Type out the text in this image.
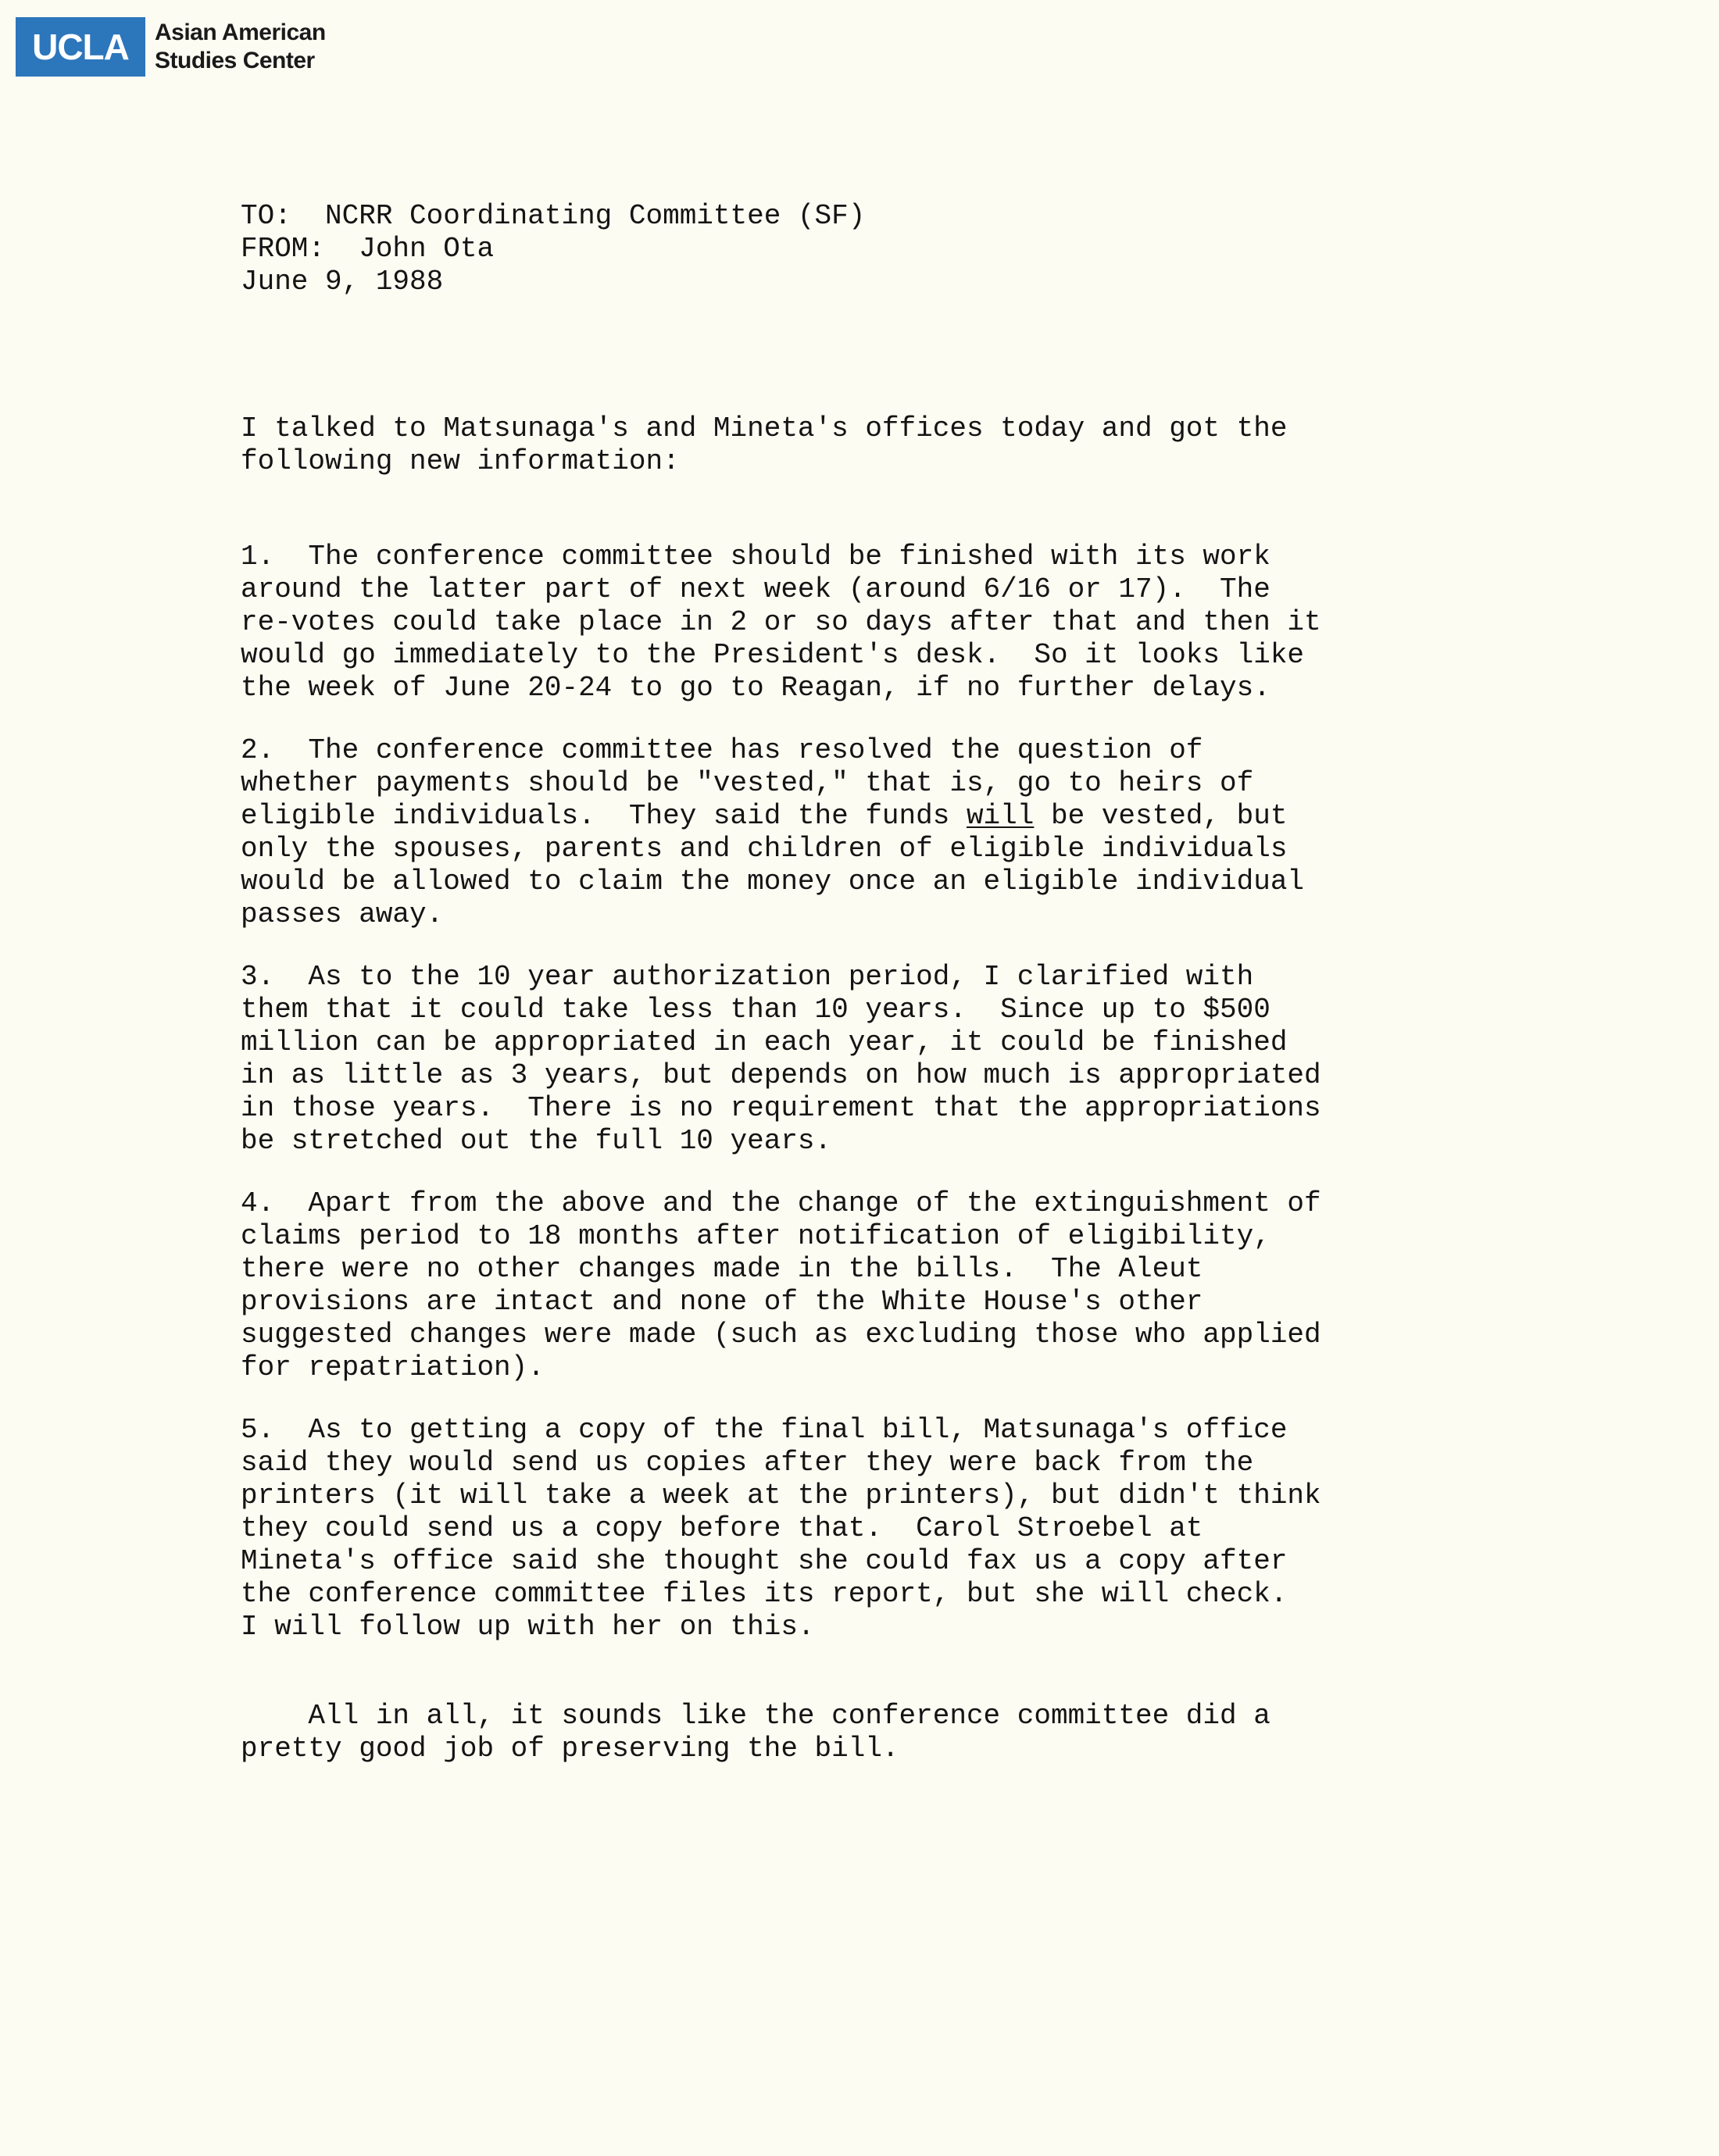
UCLA	Asian American
Studies Center
TO:  NCRR Coordinating Committee (SF)
FROM:  John Ota
June 9, 1988
I talked to Matsunaga's and Mineta's offices today and got the
following new information:
1.  The conference committee should be finished with its work
around the latter part of next week (around 6/16 or 17).  The
re-votes could take place in 2 or so days after that and then it
would go immediately to the President's desk.  So it looks like
the week of June 20-24 to go to Reagan, if no further delays.
2.  The conference committee has resolved the question of
whether payments should be "vested," that is, go to heirs of
eligible individuals.  They said the funds will be vested, but
only the spouses, parents and children of eligible individuals
would be allowed to claim the money once an eligible individual
passes away.
3.  As to the 10 year authorization period, I clarified with
them that it could take less than 10 years.  Since up to $500
million can be appropriated in each year, it could be finished
in as little as 3 years, but depends on how much is appropriated
in those years.  There is no requirement that the appropriations
be stretched out the full 10 years.
4.  Apart from the above and the change of the extinguishment of
claims period to 18 months after notification of eligibility,
there were no other changes made in the bills.  The Aleut
provisions are intact and none of the White House's other
suggested changes were made (such as excluding those who applied
for repatriation).
5.  As to getting a copy of the final bill, Matsunaga's office
said they would send us copies after they were back from the
printers (it will take a week at the printers), but didn't think
they could send us a copy before that.  Carol Stroebel at
Mineta's office said she thought she could fax us a copy after
the conference committee files its report, but she will check.
I will follow up with her on this.
All in all, it sounds like the conference committee did a
pretty good job of preserving the bill.
